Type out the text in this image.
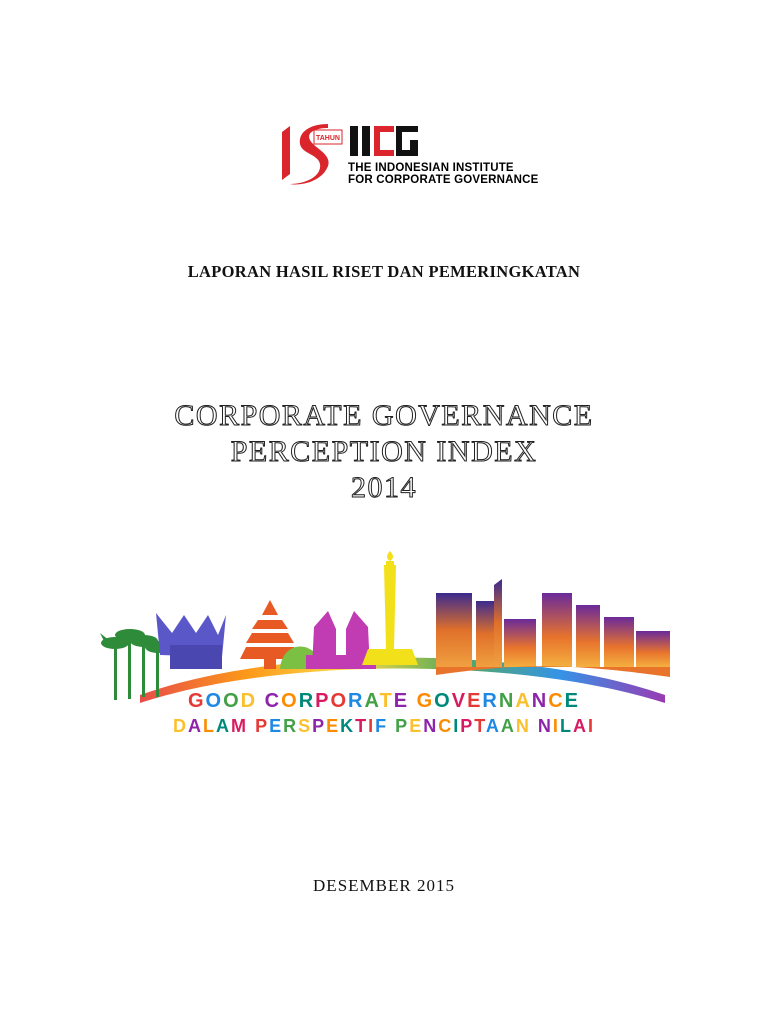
TAHUN
THE INDONESIAN INSTITUTE
FOR CORPORATE GOVERNANCE
LAPORAN HASIL RISET DAN PEMERINGKATAN
CORPORATE GOVERNANCE
PERCEPTION INDEX
2014
GOOD CORPORATE GOVERNANCE
DALAM PERSPEKTIF PENCIPTAAN NILAI
DESEMBER 2015
